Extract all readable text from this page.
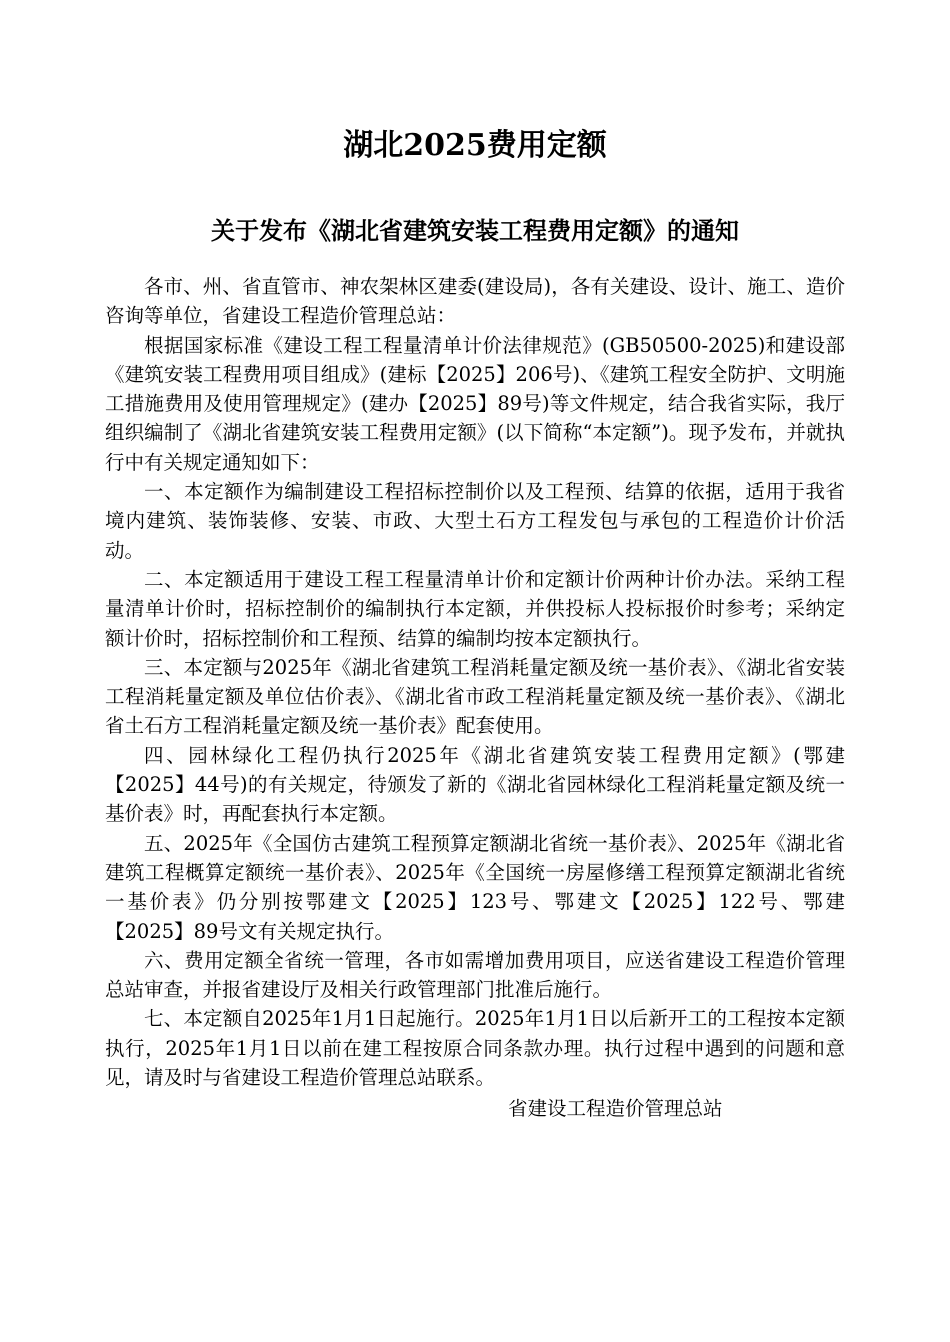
湖北2025费用定额
关于发布《湖北省建筑安装工程费用定额》的通知

各市、州、省直管市、神农架林区建委(建设局)，各有关建设、设计、施工、造价咨询等单位，省建设工程造价管理总站：

根据国家标准《建设工程工程量清单计价法律规范》(GB50500-2025)和建设部《建筑安装工程费用项目组成》(建标【2025】206号)、《建筑工程安全防护、文明施工措施费用及使用管理规定》(建办【2025】89号)等文件规定，结合我省实际，我厅组织编制了《湖北省建筑安装工程费用定额》(以下简称“本定额”)。现予发布，并就执行中有关规定通知如下：

一、本定额作为编制建设工程招标控制价以及工程预、结算的依据，适用于我省境内建筑、装饰装修、安装、市政、大型土石方工程发包与承包的工程造价计价活动。

二、本定额适用于建设工程工程量清单计价和定额计价两种计价办法。采纳工程量清单计价时，招标控制价的编制执行本定额，并供投标人投标报价时参考；采纳定额计价时，招标控制价和工程预、结算的编制均按本定额执行。

三、本定额与2025年《湖北省建筑工程消耗量定额及统一基价表》、《湖北省安装工程消耗量定额及单位估价表》、《湖北省市政工程消耗量定额及统一基价表》、《湖北省土石方工程消耗量定额及统一基价表》配套使用。

四、园林绿化工程仍执行2025年《湖北省建筑安装工程费用定额》(鄂建【2025】44号)的有关规定，待颁发了新的《湖北省园林绿化工程消耗量定额及统一基价表》时，再配套执行本定额。

五、2025年《全国仿古建筑工程预算定额湖北省统一基价表》、2025年《湖北省建筑工程概算定额统一基价表》、2025年《全国统一房屋修缮工程预算定额湖北省统一基价表》仍分别按鄂建文【2025】123号、鄂建文【2025】122号、鄂建【2025】89号文有关规定执行。

六、费用定额全省统一管理，各市如需增加费用项目，应送省建设工程造价管理总站审查，并报省建设厅及相关行政管理部门批准后施行。

七、本定额自2025年1月1日起施行。2025年1月1日以后新开工的工程按本定额执行，2025年1月1日以前在建工程按原合同条款办理。执行过程中遇到的问题和意见，请及时与省建设工程造价管理总站联系。

省建设工程造价管理总站
